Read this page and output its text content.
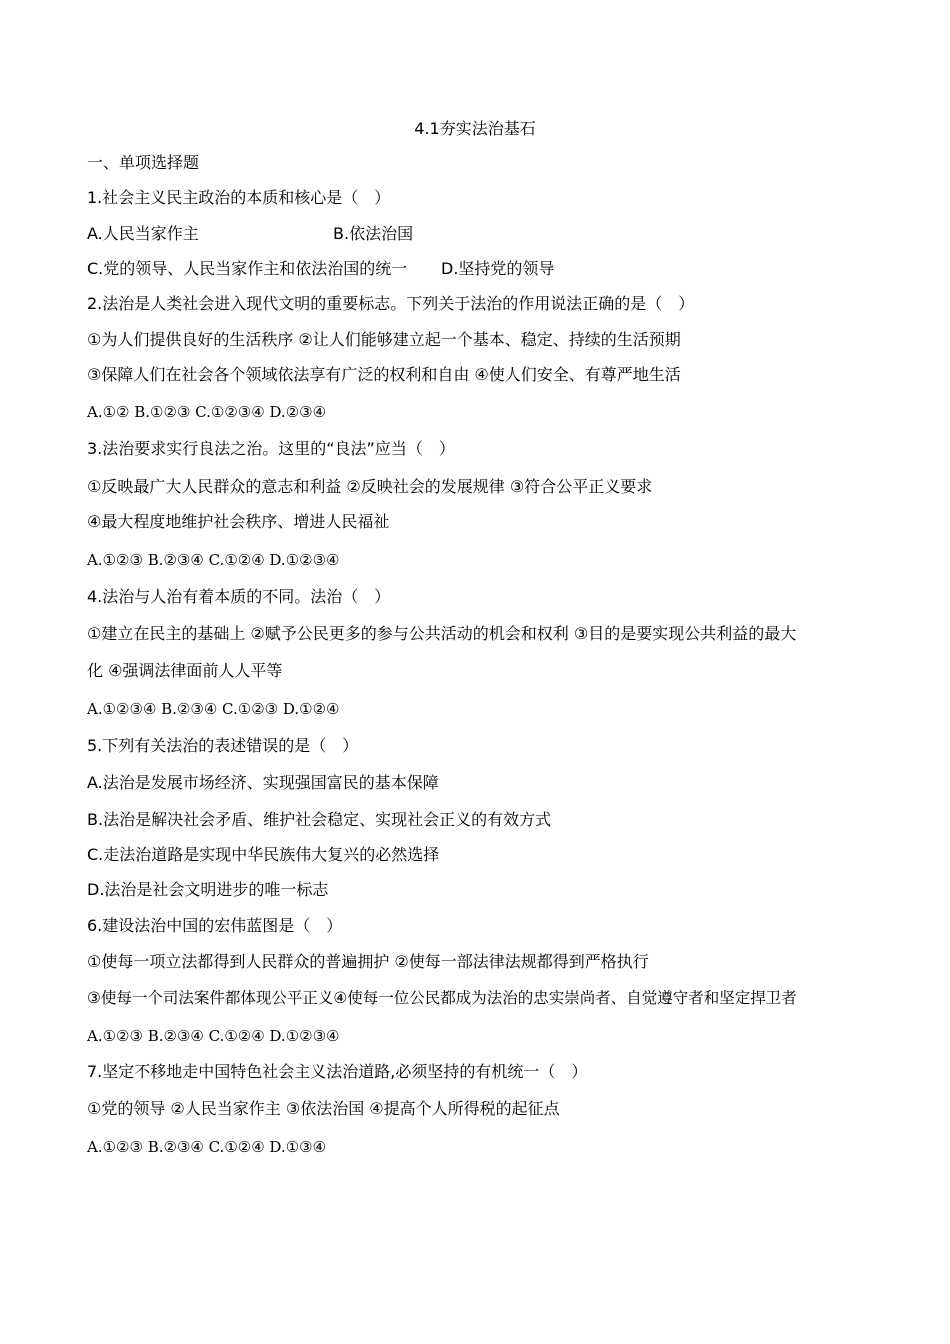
4.1夯实法治基石
一、单项选择题
1.社会主义民主政治的本质和核心是（　）
A.人民当家作主	B.依法治国
C.党的领导、人民当家作主和依法治国的统一 D.坚持党的领导
2.法治是人类社会进入现代文明的重要标志。下列关于法治的作用说法正确的是（　）
①为人们提供良好的生活秩序 ②让人们能够建立起一个基本、稳定、持续的生活预期
③保障人们在社会各个领域依法享有广泛的权利和自由 ④使人们安全、有尊严地生活
A.①② B.①②③ C.①②③④ D.②③④
3.法治要求实行良法之治。这里的“良法”应当（　）
①反映最广大人民群众的意志和利益 ②反映社会的发展规律 ③符合公平正义要求
④最大程度地维护社会秩序、增进人民福祉
A.①②③ B.②③④ C.①②④ D.①②③④
4.法治与人治有着本质的不同。法治（　）
①建立在民主的基础上 ②赋予公民更多的参与公共活动的机会和权利 ③目的是要实现公共利益的最大
化 ④强调法律面前人人平等
A.①②③④ B.②③④ C.①②③ D.①②④
5.下列有关法治的表述错误的是（　）
A.法治是发展市场经济、实现强国富民的基本保障
B.法治是解决社会矛盾、维护社会稳定、实现社会正义的有效方式
C.走法治道路是实现中华民族伟大复兴的必然选择
D.法治是社会文明进步的唯一标志
6.建设法治中国的宏伟蓝图是（　）
①使每一项立法都得到人民群众的普遍拥护 ②使每一部法律法规都得到严格执行
③使每一个司法案件都体现公平正义④使每一位公民都成为法治的忠实崇尚者、自觉遵守者和坚定捍卫者
A.①②③ B.②③④ C.①②④ D.①②③④
7.坚定不移地走中国特色社会主义法治道路,必须坚持的有机统一（　）
①党的领导 ②人民当家作主 ③依法治国 ④提高个人所得税的起征点
A.①②③ B.②③④ C.①②④ D.①③④
